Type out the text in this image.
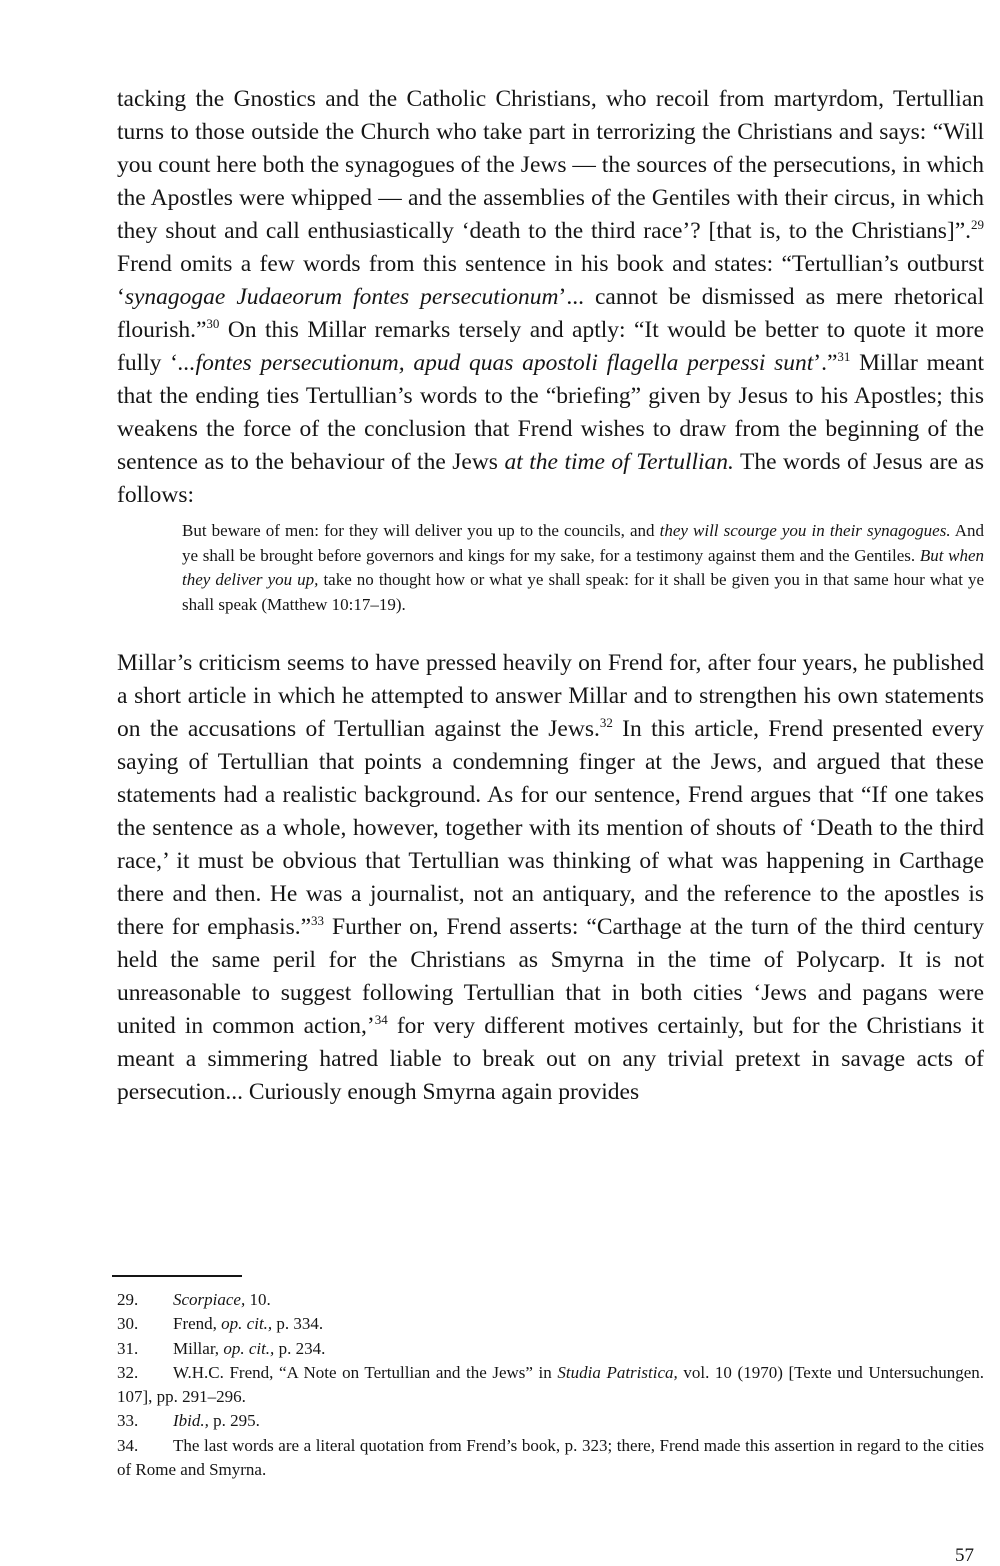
tacking the Gnostics and the Catholic Christians, who recoil from martyrdom, Tertullian turns to those outside the Church who take part in terrorizing the Christians and says: “Will you count here both the synagogues of the Jews — the sources of the persecutions, in which the Apostles were whipped — and the assemblies of the Gentiles with their circus, in which they shout and call enthusiastically ‘death to the third race’? [that is, to the Christians]”.$^{29}$ Frend omits a few words from this sentence in his book and states: “Tertullian’s outburst ‘synagogae Judaeorum fontes persecutionum’... cannot be dismissed as mere rhetorical flourish.”$^{30}$ On this Millar remarks tersely and aptly: “It would be better to quote it more fully ‘...fontes persecutionum, apud quas apostoli flagella perpessi sunt’.”$^{31}$ Millar meant that the ending ties Tertullian’s words to the “briefing” given by Jesus to his Apostles; this weakens the force of the conclusion that Frend wishes to draw from the beginning of the sentence as to the behaviour of the Jews at the time of Tertullian. The words of Jesus are as follows:

But beware of men: for they will deliver you up to the councils, and they will scourge you in their synagogues. And ye shall be brought before governors and kings for my sake, for a testimony against them and the Gentiles. But when they deliver you up, take no thought how or what ye shall speak: for it shall be given you in that same hour what ye shall speak (Matthew 10:17–19).

Millar’s criticism seems to have pressed heavily on Frend for, after four years, he published a short article in which he attempted to answer Millar and to strengthen his own statements on the accusations of Tertullian against the Jews.$^{32}$ In this article, Frend presented every saying of Tertullian that points a condemning finger at the Jews, and argued that these statements had a realistic background. As for our sentence, Frend argues that “If one takes the sentence as a whole, however, together with its mention of shouts of ‘Death to the third race,’ it must be obvious that Tertullian was thinking of what was happening in Carthage there and then. He was a journalist, not an antiquary, and the reference to the apostles is there for emphasis.”$^{33}$ Further on, Frend asserts: “Carthage at the turn of the third century held the same peril for the Christians as Smyrna in the time of Polycarp. It is not unreasonable to suggest following Tertullian that in both cities ‘Jews and pagans were united in common action,’$^{34}$ for very different motives certainly, but for the Christians it meant a simmering hatred liable to break out on any trivial pretext in savage acts of persecution... Curiously enough Smyrna again provides

29. Scorpiace, 10.
30. Frend, op. cit., p. 334.
31. Millar, op. cit., p. 234.
32. W.H.C. Frend, “A Note on Tertullian and the Jews” in Studia Patristica, vol. 10 (1970) [Texte und Untersuchungen. 107], pp. 291–296.
33. Ibid., p. 295.
34. The last words are a literal quotation from Frend’s book, p. 323; there, Frend made this assertion in regard to the cities of Rome and Smyrna.
57
